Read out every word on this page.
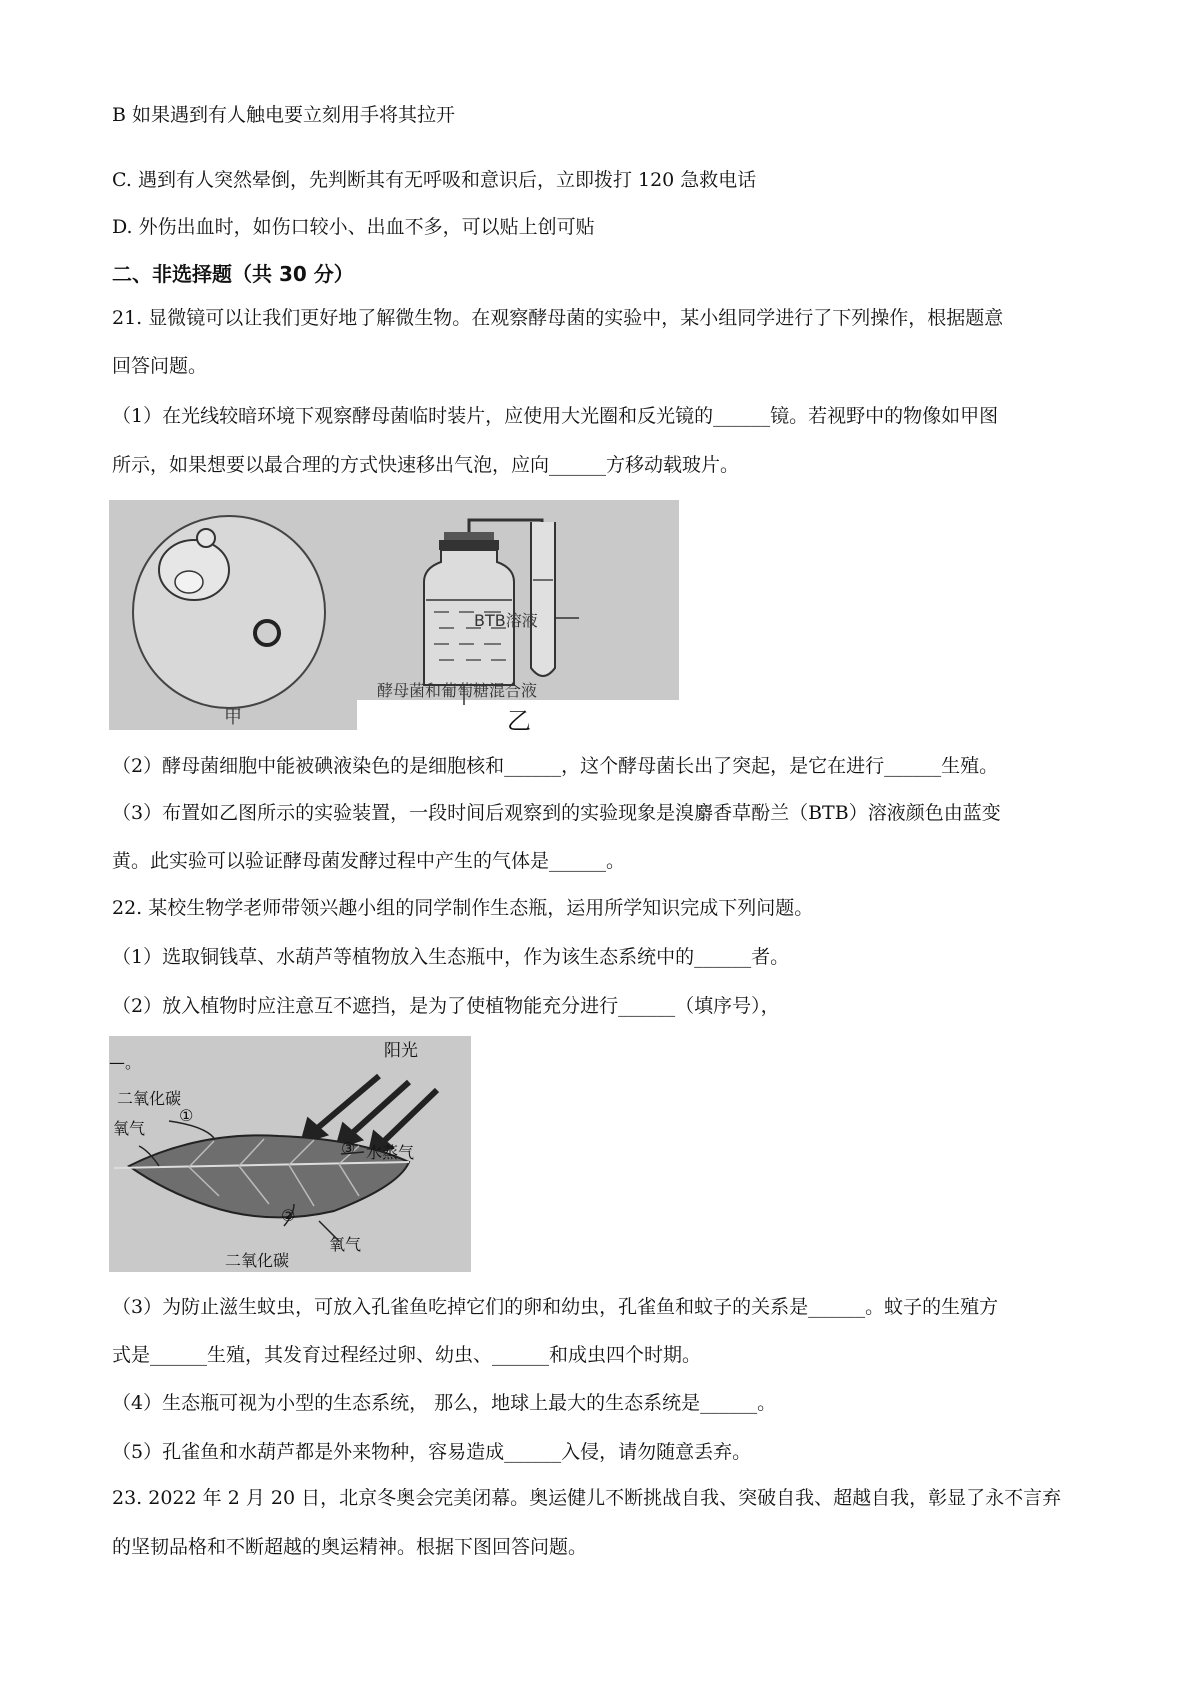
B 如果遇到有人触电要立刻用手将其拉开
C. 遇到有人突然晕倒，先判断其有无呼吸和意识后，立即拨打 120 急救电话
D. 外伤出血时，如伤口较小、出血不多，可以贴上创可贴
二、非选择题（共 30 分）
21. 显微镜可以让我们更好地了解微生物。在观察酵母菌的实验中，某小组同学进行了下列操作，根据题意
回答问题。
（1）在光线较暗环境下观察酵母菌临时装片，应使用大光圈和反光镜的______镜。若视野中的物像如甲图
所示，如果想要以最合理的方式快速移出气泡，应向______方移动载玻片。
BTB溶液
酵母菌和葡萄糖混合液
甲	乙
（2）酵母菌细胞中能被碘液染色的是细胞核和______，这个酵母菌长出了突起，是它在进行______生殖。
（3）布置如乙图所示的实验装置，一段时间后观察到的实验现象是溴麝香草酚兰（BTB）溶液颜色由蓝变
黄。此实验可以验证酵母菌发酵过程中产生的气体是______。
22. 某校生物学老师带领兴趣小组的同学制作生态瓶，运用所学知识完成下列问题。
（1）选取铜钱草、水葫芦等植物放入生态瓶中，作为该生态系统中的______者。
（2）放入植物时应注意互不遮挡，是为了使植物能充分进行______（填序号），
—。
阳光
二氧化碳
氧气
①
③ 水蒸气
②
氧气
二氧化碳
（3）为防止滋生蚊虫，可放入孔雀鱼吃掉它们的卵和幼虫，孔雀鱼和蚊子的关系是______。蚊子的生殖方
式是______生殖，其发育过程经过卵、幼虫、______和成虫四个时期。
（4）生态瓶可视为小型的生态系统， 那么，地球上最大的生态系统是______。
（5）孔雀鱼和水葫芦都是外来物种，容易造成______入侵，请勿随意丢弃。
23. 2022 年 2 月 20 日，北京冬奥会完美闭幕。奥运健儿不断挑战自我、突破自我、超越自我，彰显了永不言弃
的坚韧品格和不断超越的奥运精神。根据下图回答问题。
